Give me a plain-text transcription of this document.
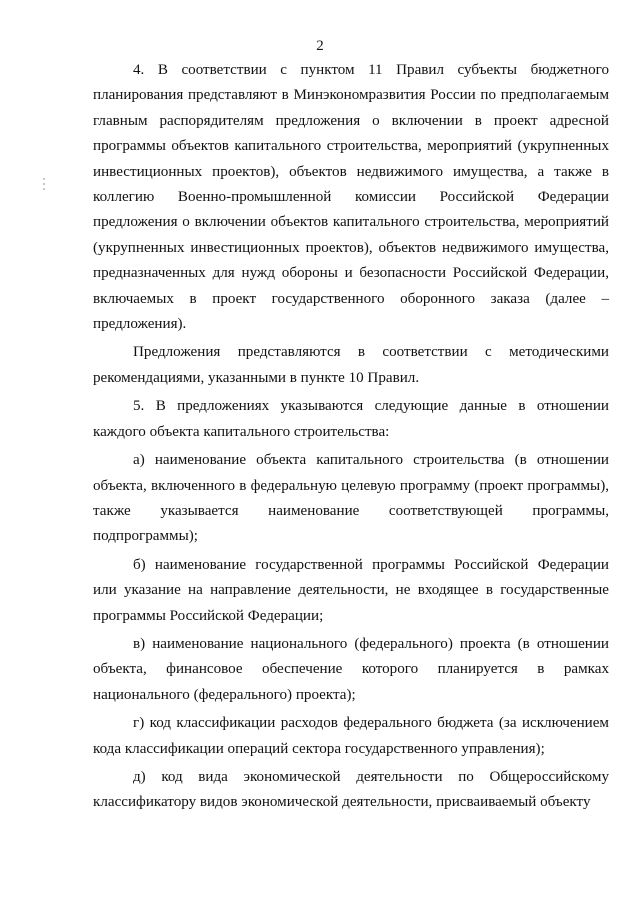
2

4. В соответствии с пунктом 11 Правил субъекты бюджетного планирования представляют в Минэкономразвития России по предполагаемым главным распорядителям предложения о включении в проект адресной программы объектов капитального строительства, мероприятий (укрупненных инвестиционных проектов), объектов недвижимого имущества, а также в коллегию Военно-промышленной комиссии Российской Федерации предложения о включении объектов капитального строительства, мероприятий (укрупненных инвестиционных проектов), объектов недвижимого имущества, предназначенных для нужд обороны и безопасности Российской Федерации, включаемых в проект государственного оборонного заказа (далее – предложения).

Предложения представляются в соответствии с методическими рекомендациями, указанными в пункте 10 Правил.

5. В предложениях указываются следующие данные в отношении каждого объекта капитального строительства:

а) наименование объекта капитального строительства (в отношении объекта, включенного в федеральную целевую программу (проект программы), также указывается наименование соответствующей программы, подпрограммы);

б) наименование государственной программы Российской Федерации или указание на направление деятельности, не входящее в государственные программы Российской Федерации;

в) наименование национального (федерального) проекта (в отношении объекта, финансовое обеспечение которого планируется в рамках национального (федерального) проекта);

г) код классификации расходов федерального бюджета (за исключением кода классификации операций сектора государственного управления);

д) код вида экономической деятельности по Общероссийскому классификатору видов экономической деятельности, присваиваемый объекту
